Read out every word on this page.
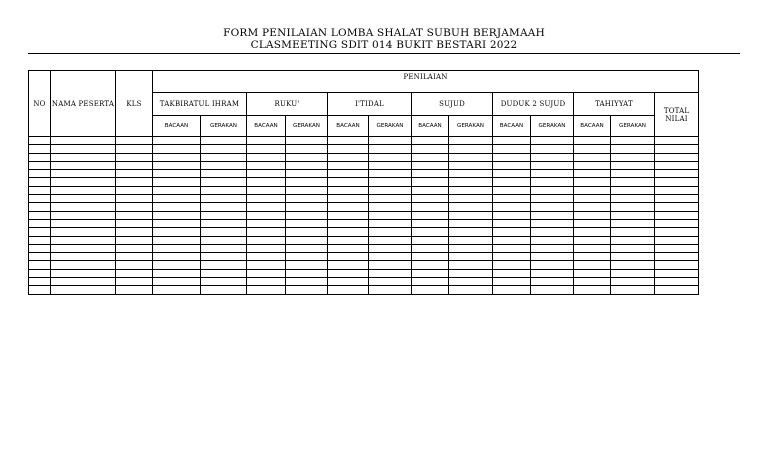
FORM PENILAIAN LOMBA SHALAT SUBUH BERJAMAAH
CLASMEETING SDIT 014 BUKIT BESTARI 2022
NO	NAMA PESERTA	KLS	PENILAIAN												

			TAKBIRATUL IHRAM		RUKU'		I'TIDAL		SUJUD		DUDUK 2 SUJUD		TAHIYYAT		TOTAL NILAI
			BACAAN	GERAKAN	BACAAN	GERAKAN	BACAAN	GERAKAN	BACAAN	GERAKAN	BACAAN	GERAKAN	BACAAN	GERAKAN	
